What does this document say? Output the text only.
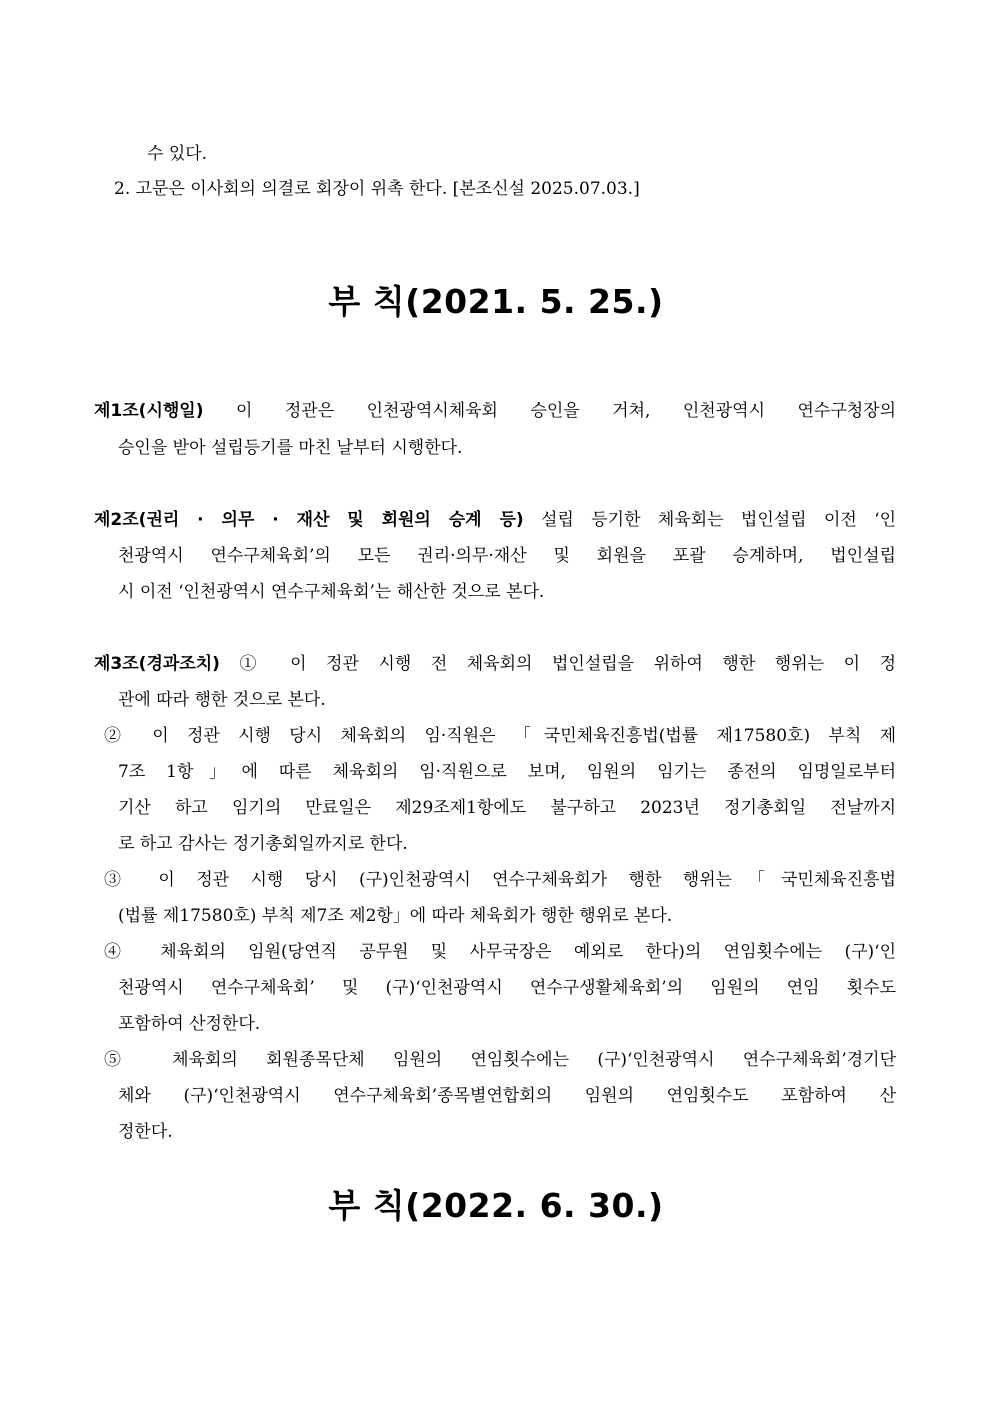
수 있다.
2. 고문은 이사회의 의결로 회장이 위촉 한다. [본조신설 2025.07.03.]
부 칙(2021. 5. 25.)
제1조(시행일) 이 정관은 인천광역시체육회 승인을 거쳐, 인천광역시 연수구청장의
승인을 받아 설립등기를 마친 날부터 시행한다.
제2조(권리 · 의무 · 재산 및 회원의 승계 등) 설립 등기한 체육회는 법인설립 이전 ‘인
천광역시 연수구체육회’의 모든 권리·의무·재산 및 회원을 포괄 승계하며, 법인설립
시 이전 ‘인천광역시 연수구체육회’는 해산한 것으로 본다.
제3조(경과조치) ① 이 정관 시행 전 체육회의 법인설립을 위하여 행한 행위는 이 정
관에 따라 행한 것으로 본다.
② 이 정관 시행 당시 체육회의 임·직원은 「국민체육진흥법(법률 제17580호) 부칙 제
7조 1항」에 따른 체육회의 임·직원으로 보며, 임원의 임기는 종전의 임명일로부터
기산 하고 임기의 만료일은 제29조제1항에도 불구하고 2023년 정기총회일 전날까지
로 하고 감사는 정기총회일까지로 한다.
③ 이 정관 시행 당시 (구)인천광역시 연수구체육회가 행한 행위는「국민체육진흥법
(법률 제17580호) 부칙 제7조 제2항」에 따라 체육회가 행한 행위로 본다.
④ 체육회의 임원(당연직 공무원 및 사무국장은 예외로 한다)의 연임횟수에는 (구)‘인
천광역시 연수구체육회’ 및 (구)‘인천광역시 연수구생활체육회’의 임원의 연임 횟수도
포함하여 산정한다.
⑤ 체육회의 회원종목단체 임원의 연임횟수에는 (구)‘인천광역시 연수구체육회’경기단
체와 (구)‘인천광역시 연수구체육회’종목별연합회의 임원의 연임횟수도 포함하여 산
정한다.
부 칙(2022. 6. 30.)
